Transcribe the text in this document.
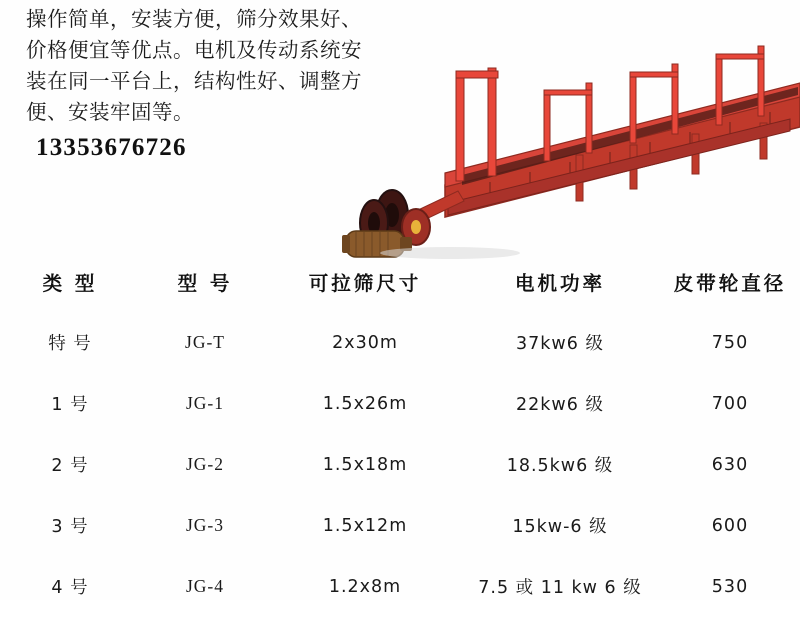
操作简单，安装方便，筛分效果好、
价格便宜等优点。电机及传动系统安
装在同一平台上，结构性好、调整方
便、安装牢固等。
13353676726
类 型	型 号	可拉筛尺寸	电机功率	皮带轮直径
特 号	JG-T	2x30m	37kw6 级	750
1 号	JG-1	1.5x26m	22kw6 级	700
2 号	JG-2	1.5x18m	18.5kw6 级	630
3 号	JG-3	1.5x12m	15kw-6 级	600
4 号	JG-4	1.2x8m	7.5 或 11 kw 6 级	530
